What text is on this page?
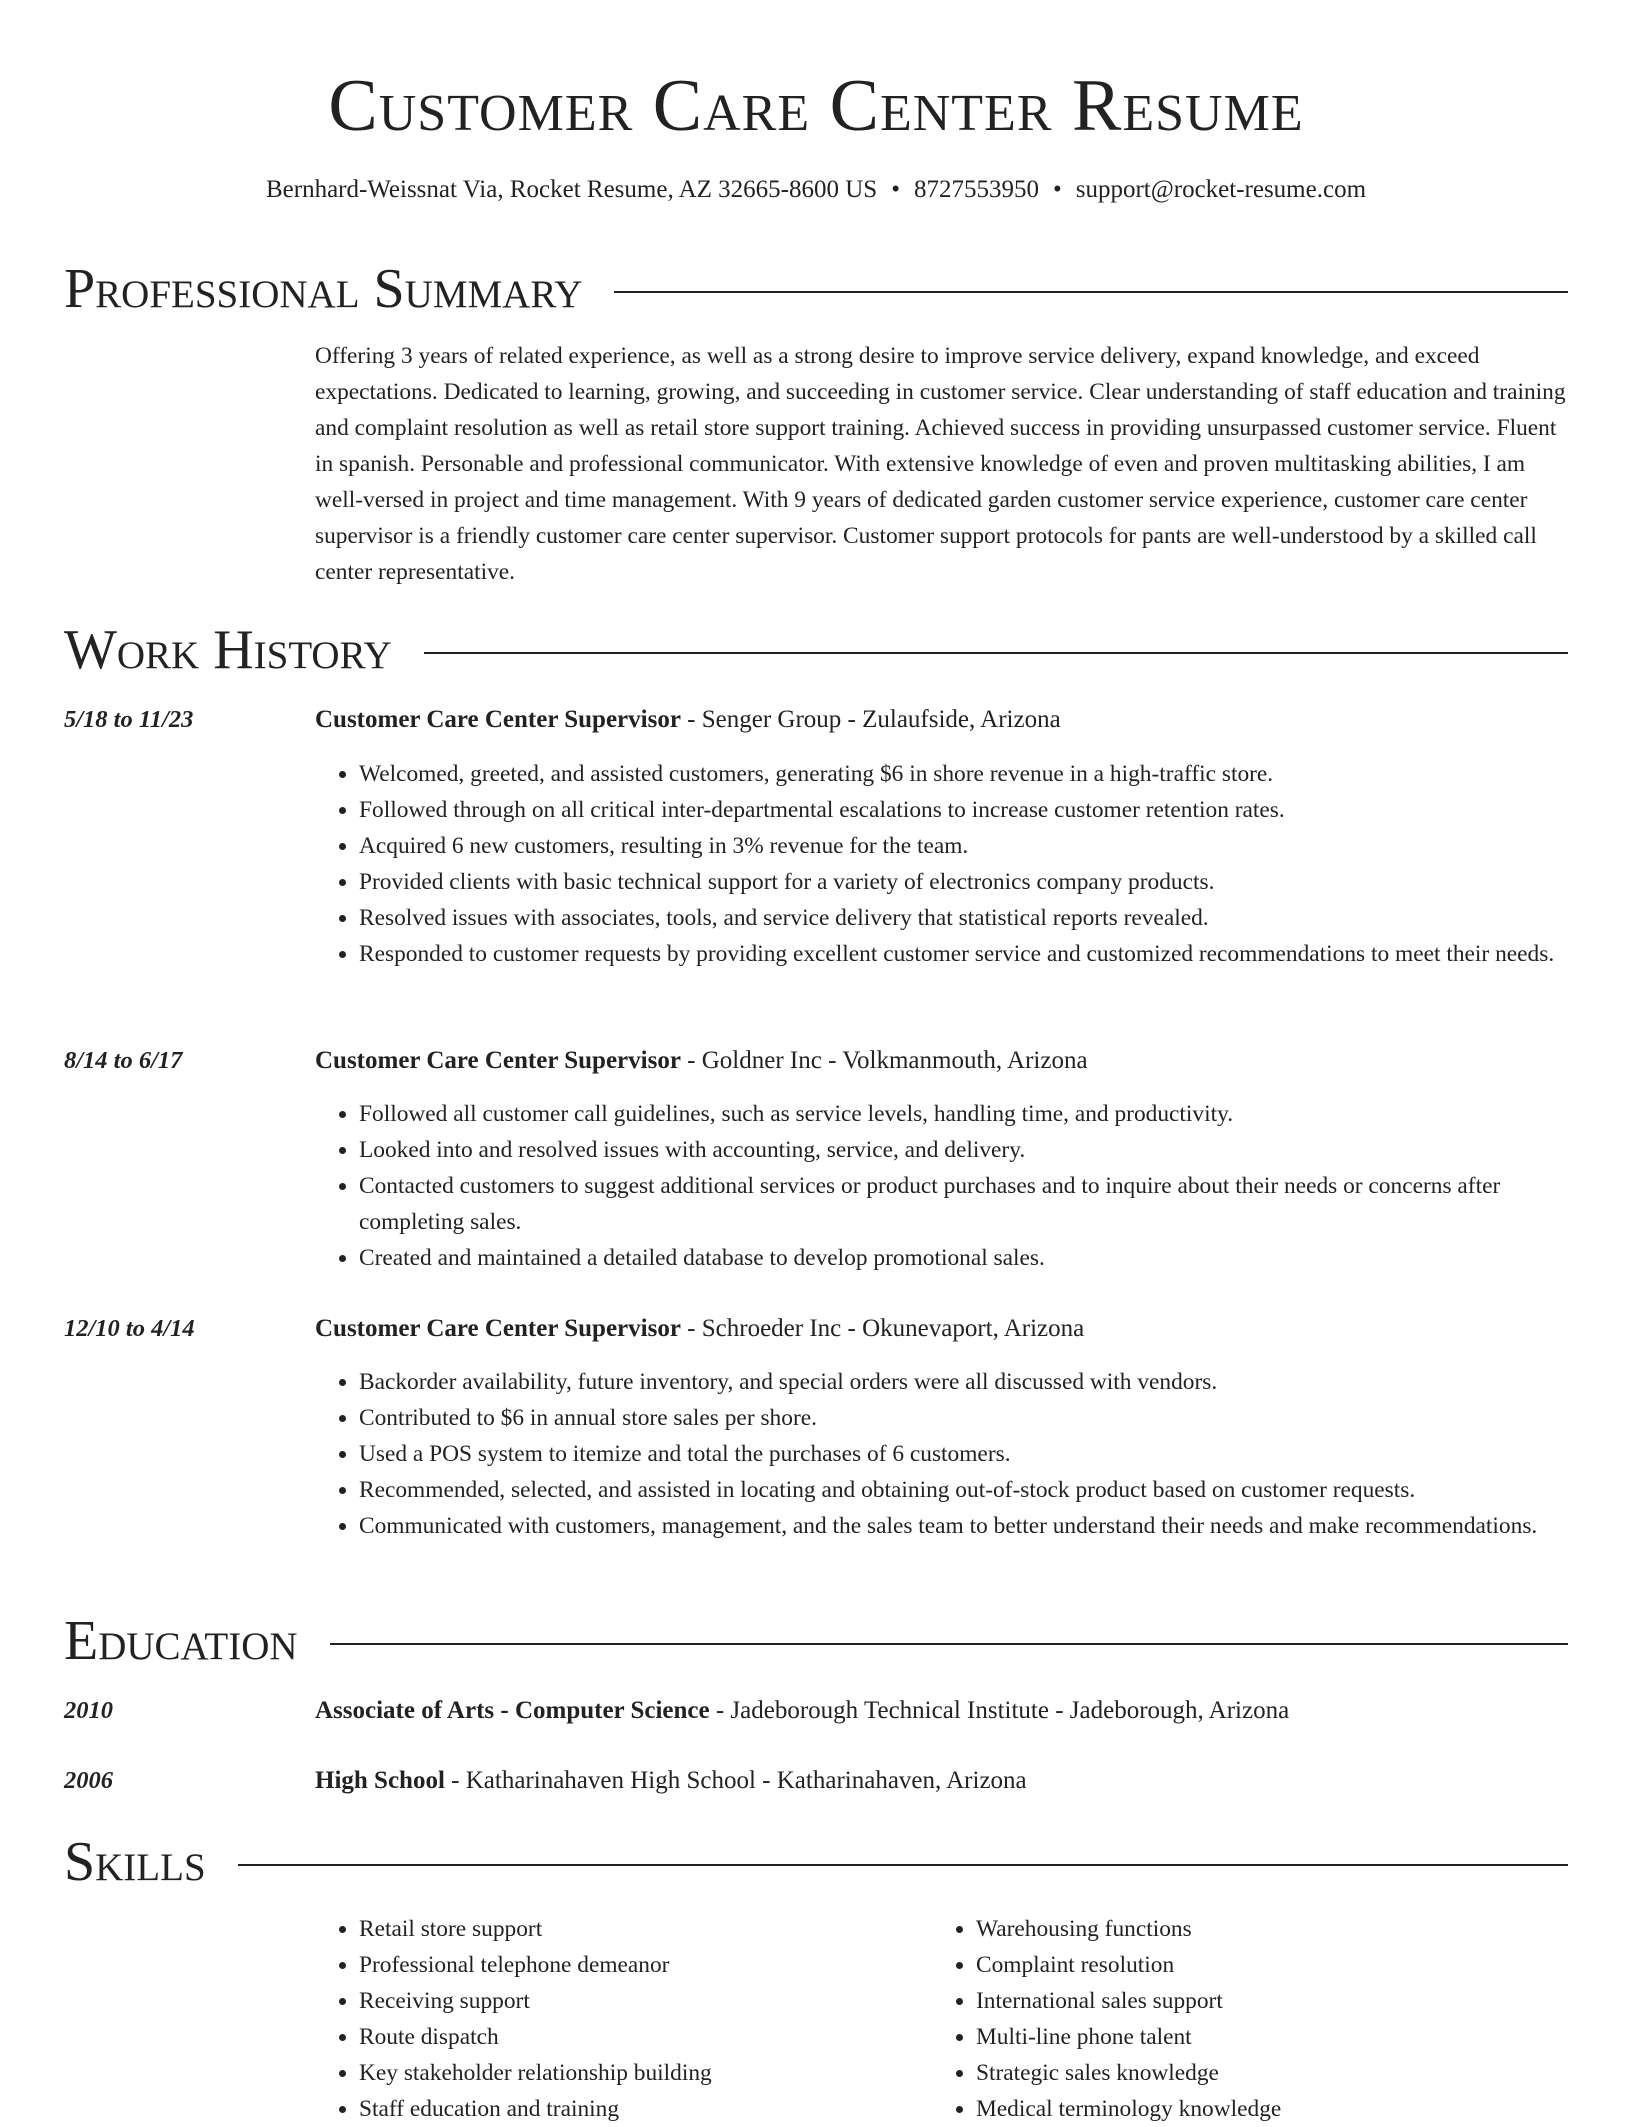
Customer Care Center Resume
Bernhard-Weissnat Via, Rocket Resume, AZ 32665-8600 US • 8727553950 • support@rocket-resume.com
Professional Summary
Offering 3 years of related experience, as well as a strong desire to improve service delivery, expand knowledge, and exceed expectations. Dedicated to learning, growing, and succeeding in customer service. Clear understanding of staff education and training and complaint resolution as well as retail store support training. Achieved success in providing unsurpassed customer service. Fluent in spanish. Personable and professional communicator. With extensive knowledge of even and proven multitasking abilities, I am well-versed in project and time management. With 9 years of dedicated garden customer service experience, customer care center supervisor is a friendly customer care center supervisor. Customer support protocols for pants are well-understood by a skilled call center representative.
Work History
5/18 to 11/23	Customer Care Center Supervisor - Senger Group - Zulaufside, Arizona
• Welcomed, greeted, and assisted customers, generating $6 in shore revenue in a high-traffic store.
• Followed through on all critical inter-departmental escalations to increase customer retention rates.
• Acquired 6 new customers, resulting in 3% revenue for the team.
• Provided clients with basic technical support for a variety of electronics company products.
• Resolved issues with associates, tools, and service delivery that statistical reports revealed.
• Responded to customer requests by providing excellent customer service and customized recommendations to meet their needs.
8/14 to 6/17	Customer Care Center Supervisor - Goldner Inc - Volkmanmouth, Arizona
• Followed all customer call guidelines, such as service levels, handling time, and productivity.
• Looked into and resolved issues with accounting, service, and delivery.
• Contacted customers to suggest additional services or product purchases and to inquire about their needs or concerns after completing sales.
• Created and maintained a detailed database to develop promotional sales.
12/10 to 4/14	Customer Care Center Supervisor - Schroeder Inc - Okunevaport, Arizona
• Backorder availability, future inventory, and special orders were all discussed with vendors.
• Contributed to $6 in annual store sales per shore.
• Used a POS system to itemize and total the purchases of 6 customers.
• Recommended, selected, and assisted in locating and obtaining out-of-stock product based on customer requests.
• Communicated with customers, management, and the sales team to better understand their needs and make recommendations.
Education
2010	Associate of Arts - Computer Science - Jadeborough Technical Institute - Jadeborough, Arizona
2006	High School - Katharinahaven High School - Katharinahaven, Arizona
Skills
• Retail store support
• Professional telephone demeanor
• Receiving support
• Route dispatch
• Key stakeholder relationship building
• Staff education and training
• Warehousing functions
• Complaint resolution
• International sales support
• Multi-line phone talent
• Strategic sales knowledge
• Medical terminology knowledge
